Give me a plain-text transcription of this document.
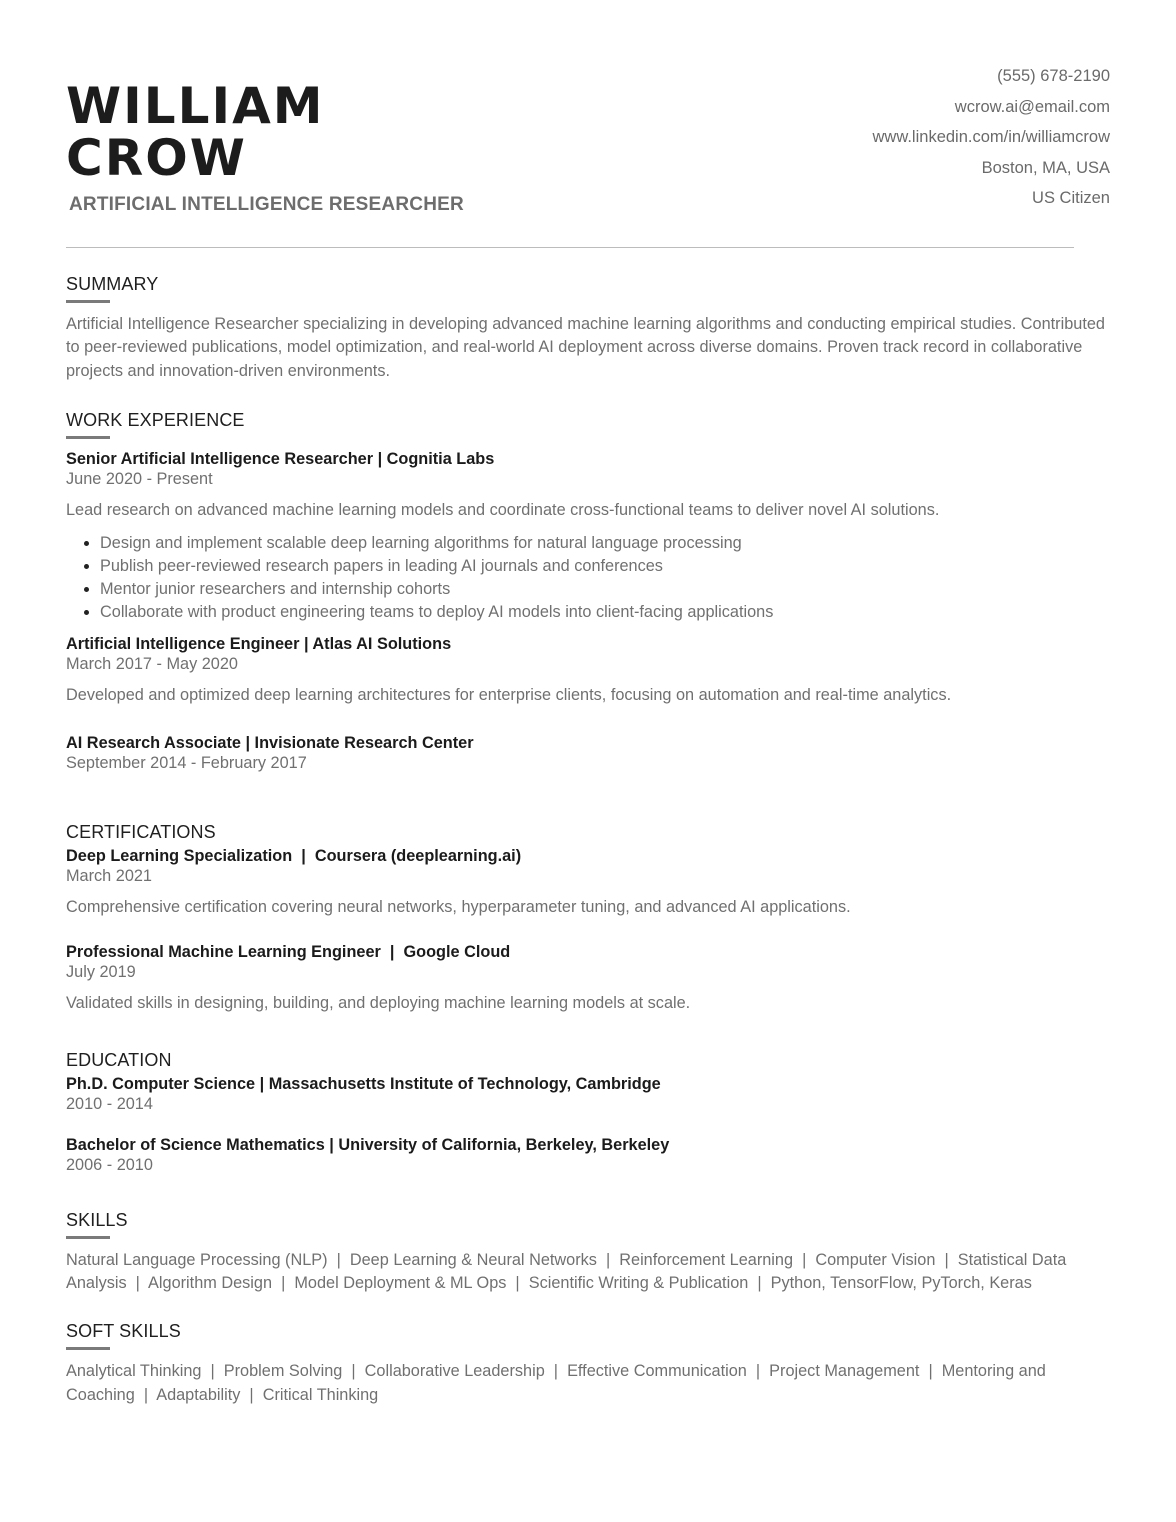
WILLIAM
CROW
ARTIFICIAL INTELLIGENCE RESEARCHER
(555) 678-2190
wcrow.ai@email.com
www.linkedin.com/in/williamcrow
Boston, MA, USA
US Citizen
SUMMARY

Artificial Intelligence Researcher specializing in developing advanced machine learning algorithms and conducting empirical studies. Contributed to peer-reviewed publications, model optimization, and real-world AI deployment across diverse domains. Proven track record in collaborative projects and innovation-driven environments.

WORK EXPERIENCE
Senior Artificial Intelligence Researcher | Cognitia Labs
June 2020 - Present
Lead research on advanced machine learning models and coordinate cross-functional teams to deliver novel AI solutions.
• Design and implement scalable deep learning algorithms for natural language processing
• Publish peer-reviewed research papers in leading AI journals and conferences
• Mentor junior researchers and internship cohorts
• Collaborate with product engineering teams to deploy AI models into client-facing applications
Artificial Intelligence Engineer | Atlas AI Solutions
March 2017 - May 2020
Developed and optimized deep learning architectures for enterprise clients, focusing on automation and real-time analytics.
AI Research Associate | Invisionate Research Center
September 2014 - February 2017
CERTIFICATIONS
Deep Learning Specialization  |  Coursera (deeplearning.ai)
March 2021
Comprehensive certification covering neural networks, hyperparameter tuning, and advanced AI applications.
Professional Machine Learning Engineer  |  Google Cloud
July 2019
Validated skills in designing, building, and deploying machine learning models at scale.
EDUCATION
Ph.D. Computer Science | Massachusetts Institute of Technology, Cambridge
2010 - 2014
Bachelor of Science Mathematics | University of California, Berkeley, Berkeley
2006 - 2010
SKILLS

Natural Language Processing (NLP)  |  Deep Learning & Neural Networks  |  Reinforcement Learning  |  Computer Vision  |  Statistical Data Analysis  |  Algorithm Design  |  Model Deployment & ML Ops  |  Scientific Writing & Publication  |  Python, TensorFlow, PyTorch, Keras

SOFT SKILLS

Analytical Thinking  |  Problem Solving  |  Collaborative Leadership  |  Effective Communication  |  Project Management  |  Mentoring and Coaching  |  Adaptability  |  Critical Thinking
